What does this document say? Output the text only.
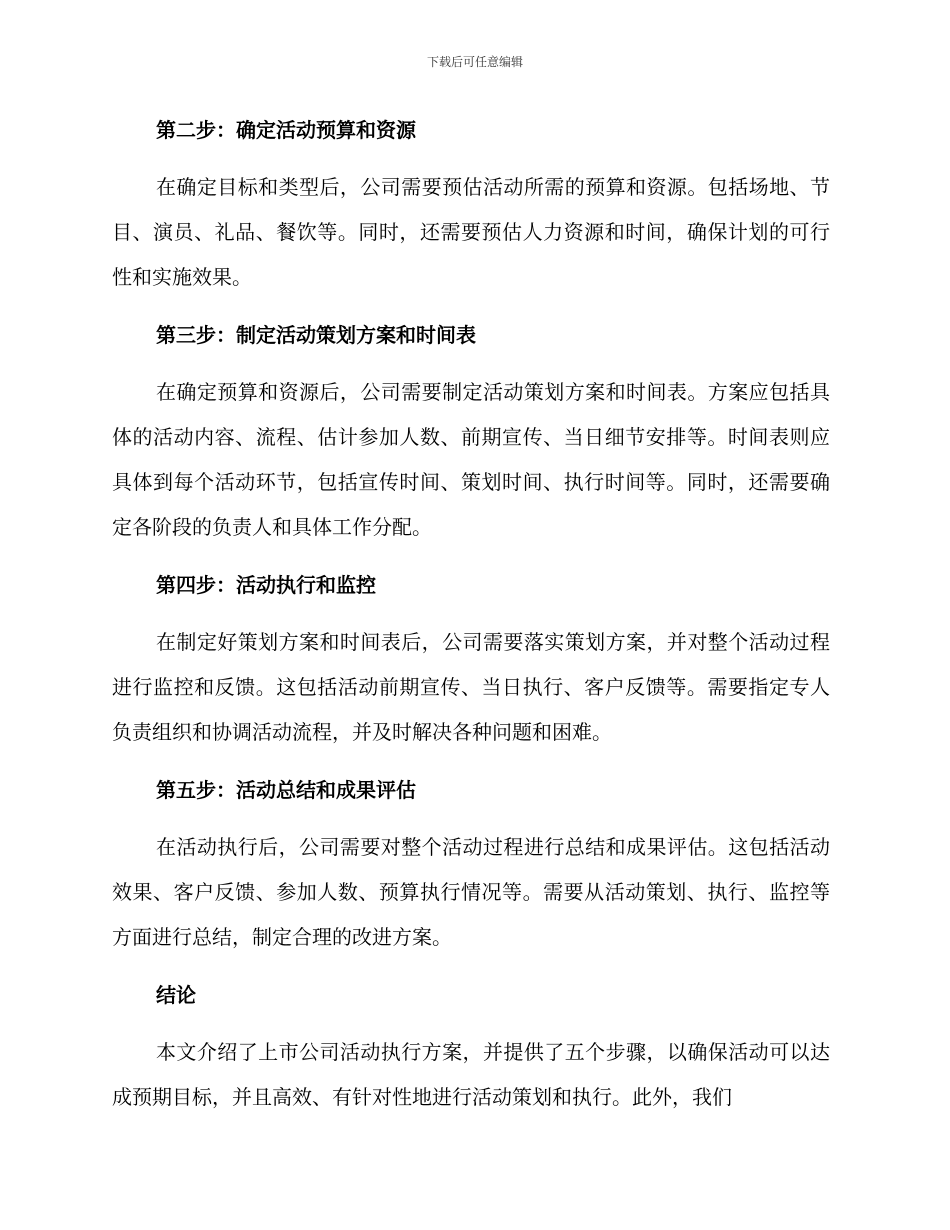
下载后可任意编辑
第二步：确定活动预算和资源

在确定目标和类型后，公司需要预估活动所需的预算和资源。包括场地、节目、演员、礼品、餐饮等。同时，还需要预估人力资源和时间，确保计划的可行性和实施效果。

第三步：制定活动策划方案和时间表

在确定预算和资源后，公司需要制定活动策划方案和时间表。方案应包括具体的活动内容、流程、估计参加人数、前期宣传、当日细节安排等。时间表则应具体到每个活动环节，包括宣传时间、策划时间、执行时间等。同时，还需要确定各阶段的负责人和具体工作分配。

第四步：活动执行和监控

在制定好策划方案和时间表后，公司需要落实策划方案，并对整个活动过程进行监控和反馈。这包括活动前期宣传、当日执行、客户反馈等。需要指定专人负责组织和协调活动流程，并及时解决各种问题和困难。

第五步：活动总结和成果评估

在活动执行后，公司需要对整个活动过程进行总结和成果评估。这包括活动效果、客户反馈、参加人数、预算执行情况等。需要从活动策划、执行、监控等方面进行总结，制定合理的改进方案。

结论

本文介绍了上市公司活动执行方案，并提供了五个步骤，以确保活动可以达成预期目标，并且高效、有针对性地进行活动策划和执行。此外，我们
